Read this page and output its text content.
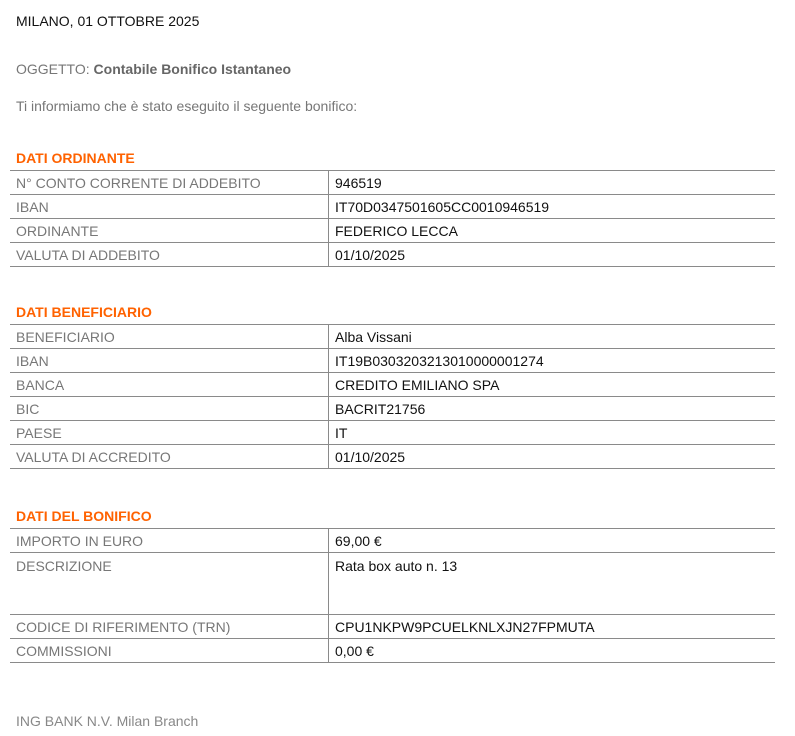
MILANO, 01 OTTOBRE 2025
OGGETTO: Contabile Bonifico Istantaneo
Ti informiamo che è stato eseguito il seguente bonifico:
DATI ORDINANTE
N° CONTO CORRENTE DI ADDEBITO	946519
IBAN	IT70D0347501605CC0010946519
ORDINANTE	FEDERICO LECCA
VALUTA DI ADDEBITO	01/10/2025
DATI BENEFICIARIO
BENEFICIARIO	Alba Vissani
IBAN	IT19B0303203213010000001274
BANCA	CREDITO EMILIANO SPA
BIC	BACRIT21756
PAESE	IT
VALUTA DI ACCREDITO	01/10/2025
DATI DEL BONIFICO
IMPORTO IN EURO	69,00 €
DESCRIZIONE	Rata box auto n. 13
CODICE DI RIFERIMENTO (TRN)	CPU1NKPW9PCUELKNLXJN27FPMUTA
COMMISSIONI	0,00 €
ING BANK N.V. Milan Branch
